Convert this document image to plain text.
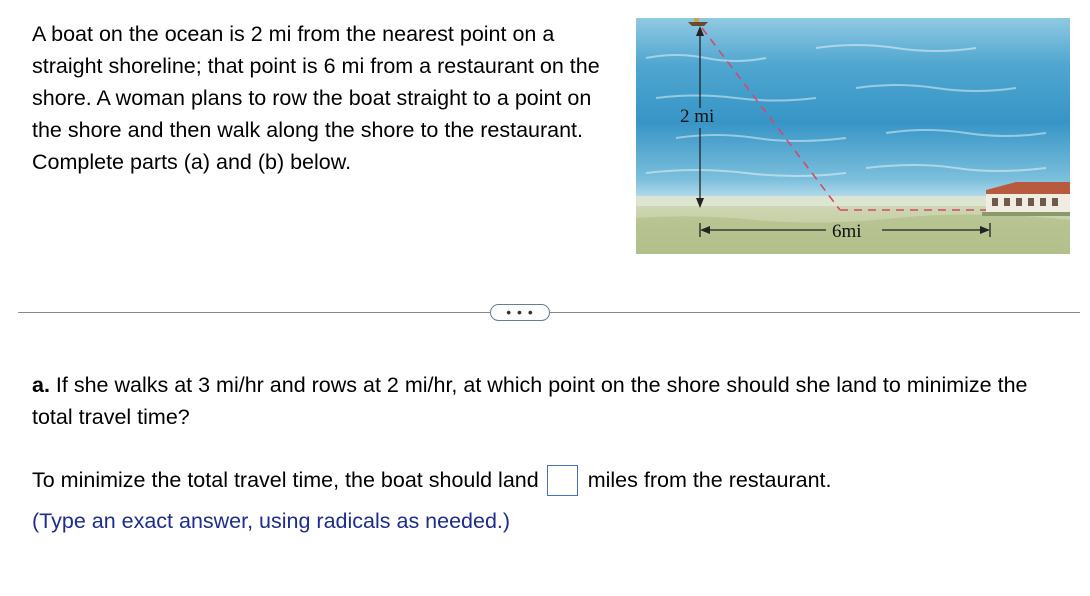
A boat on the ocean is 2 mi from the nearest point on a straight shoreline; that point is 6 mi from a restaurant on the shore. A woman plans to row the boat straight to a point on the shore and then walk along the shore to the restaurant. Complete parts (a) and (b) below.
2 mi
6mi
• • •
a. If she walks at 3 mi/hr and rows at 2 mi/hr, at which point on the shore should she land to minimize the total travel time?
To minimize the total travel time, the boat should land miles from the restaurant.
(Type an exact answer, using radicals as needed.)
